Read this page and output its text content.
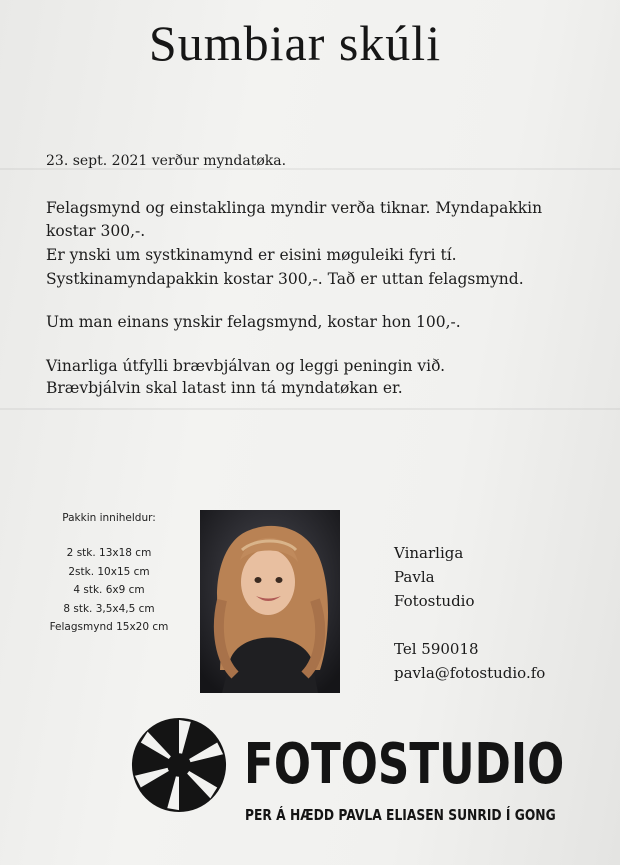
Sumbiar skúli
23. sept. 2021 verður myndatøka.
Felagsmynd og einstaklinga myndir verða tiknar. Myndapakkin
kostar 300,-.
Er ynski um systkinamynd er eisini møguleiki fyri tí.
Systkinamyndapakkin kostar 300,-. Tað er uttan felagsmynd.
Um man einans ynskir felagsmynd, kostar hon 100,-.
Vinarliga útfylli brævbjálvan og leggi peningin við.
Brævbjálvin skal latast inn tá myndatøkan er.
Pakkin inniheldur:
2 stk. 13x18 cm
2stk. 10x15 cm
4 stk. 6x9 cm
8 stk. 3,5x4,5 cm
Felagsmynd 15x20 cm
Vinarliga
Pavla
Fotostudio
Tel 590018
pavla@fotostudio.fo
FOTOSTUDIO
PER Á HÆDD PAVLA ELIASEN SUNRID Í GONG
